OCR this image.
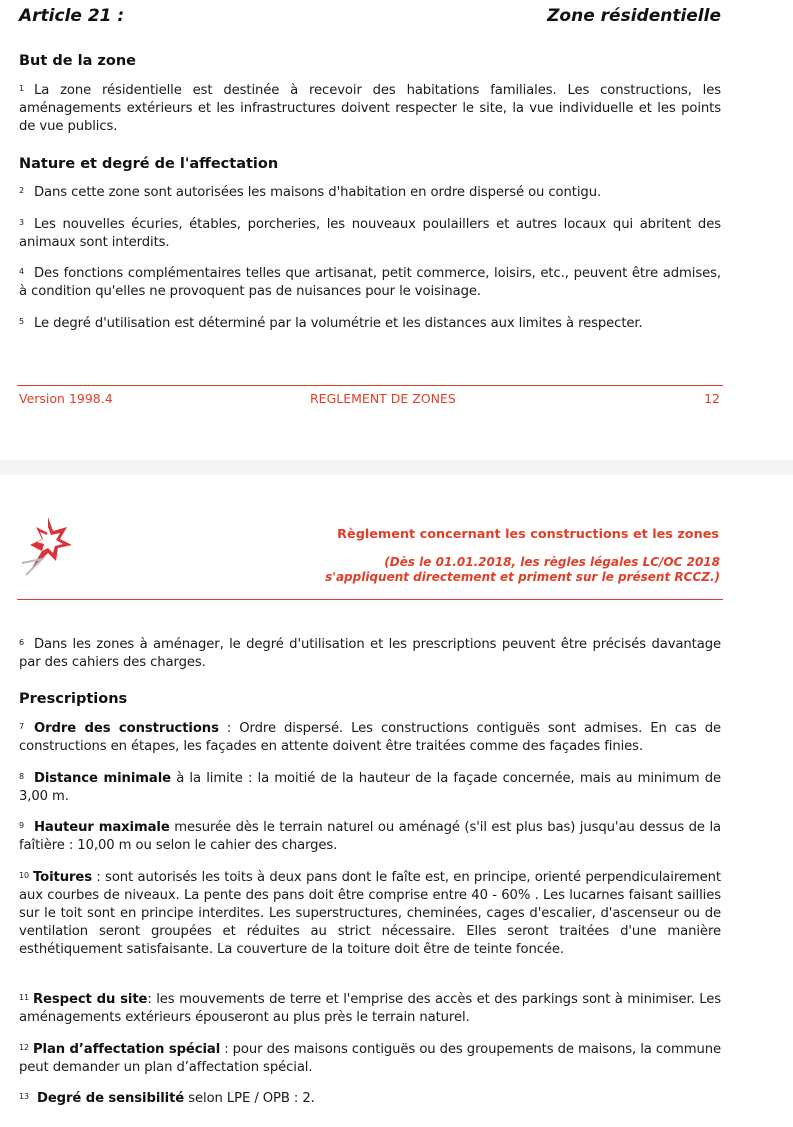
Article 21 :	Zone résidentielle
But de la zone
$^1$ La zone résidentielle est destinée à recevoir des habitations familiales. Les constructions, les aménagements extérieurs et les infrastructures doivent respecter le site, la vue individuelle et les points de vue publics.
Nature et degré de l'affectation
$^2$ Dans cette zone sont autorisées les maisons d'habitation en ordre dispersé ou contigu.
$^3$ Les nouvelles écuries, étables, porcheries, les nouveaux poulaillers et autres locaux qui abritent des animaux sont interdits.
$^4$ Des fonctions complémentaires telles que artisanat, petit commerce, loisirs, etc., peuvent être admises, à condition qu'elles ne provoquent pas de nuisances pour le voisinage.
$^5$ Le degré d'utilisation est déterminé par la volumétrie et les distances aux limites à respecter.
Version 1998.4	REGLEMENT DE ZONES	12
Règlement concernant les constructions et les zones
(Dès le 01.01.2018, les règles légales LC/OC 2018
s'appliquent directement et priment sur le présent RCCZ.)
$^6$ Dans les zones à aménager, le degré d'utilisation et les prescriptions peuvent être précisés davantage par des cahiers des charges.
Prescriptions
$^7$ Ordre des constructions : Ordre dispersé. Les constructions contiguës sont admises. En cas de constructions en étapes, les façades en attente doivent être traitées comme des façades finies.
$^8$ Distance minimale à la limite : la moitié de la hauteur de la façade concernée, mais au minimum de 3,00 m.
$^9$ Hauteur maximale mesurée dès le terrain naturel ou aménagé (s'il est plus bas) jusqu'au dessus de la faîtière : 10,00 m ou selon le cahier des charges.
$^{10}$ Toitures : sont autorisés les toits à deux pans dont le faîte est, en principe, orienté perpendiculairement aux courbes de niveaux. La pente des pans doit être comprise entre 40 - 60% . Les lucarnes faisant saillies sur le toit sont en principe interdites. Les superstructures, cheminées, cages d'escalier, d'ascenseur ou de ventilation seront groupées et réduites au strict nécessaire. Elles seront traitées d'une manière esthétiquement satisfaisante. La couverture de la toiture doit être de teinte foncée.
$^{11}$ Respect du site: les mouvements de terre et l'emprise des accès et des parkings sont à minimiser. Les aménagements extérieurs épouseront au plus près le terrain naturel.
$^{12}$ Plan d’affectation spécial : pour des maisons contiguës ou des groupements de maisons, la commune peut demander un plan d’affectation spécial.
$^{13}$ Degré de sensibilité selon LPE / OPB : 2.
